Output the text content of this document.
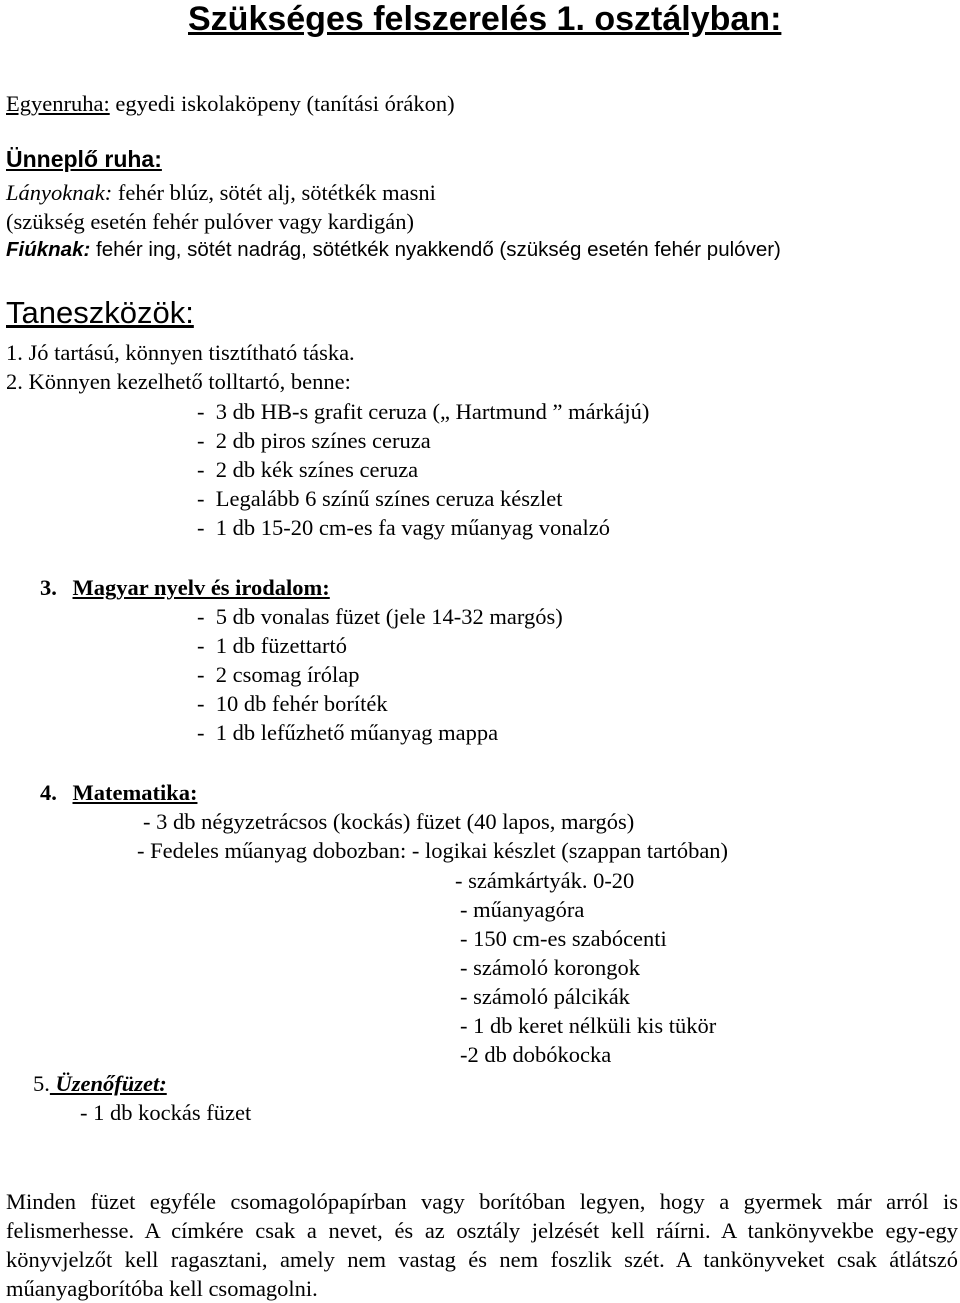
Szükséges felszerelés 1. osztályban:
Egyenruha: egyedi iskolaköpeny (tanítási órákon)
Ünneplő ruha:
Lányoknak: fehér blúz, sötét alj, sötétkék masni
(szükség esetén fehér pulóver vagy kardigán)
Fiúknak: fehér ing, sötét nadrág, sötétkék nyakkendő (szükség esetén fehér pulóver)
Taneszközök:
1. Jó tartású, könnyen tisztítható táska.
2. Könnyen kezelhető tolltartó, benne:
-  3 db HB-s grafit ceruza („ Hartmund ” márkájú)
-  2 db piros színes ceruza
-  2 db kék színes ceruza
-  Legalább 6 színű színes ceruza készlet
-  1 db 15-20 cm-es fa vagy műanyag vonalzó
3. Magyar nyelv és irodalom:
-  5 db vonalas füzet (jele 14-32 margós)
-  1 db füzettartó
-  2 csomag írólap
-  10 db fehér boríték
-  1 db lefűzhető műanyag mappa
4. Matematika:
- 3 db négyzetrácsos (kockás) füzet (40 lapos, margós)
- Fedeles műanyag dobozban: - logikai készlet (szappan tartóban)
- számkártyák. 0-20
- műanyagóra
- 150 cm-es szabócenti
- számoló korongok
- számoló pálcikák
- 1 db keret nélküli kis tükör
-2 db dobókocka
5. Üzenőfüzet:
- 1 db kockás füzet
Minden füzet egyféle csomagolópapírban vagy borítóban legyen, hogy a gyermek már arról is felismerhesse. A címkére csak a nevet, és az osztály jelzését kell ráírni. A tankönyvekbe egy-egy könyvjelzőt kell ragasztani, amely nem vastag és nem foszlik szét. A tankönyveket csak átlátszó műanyagborítóba kell csomagolni.
